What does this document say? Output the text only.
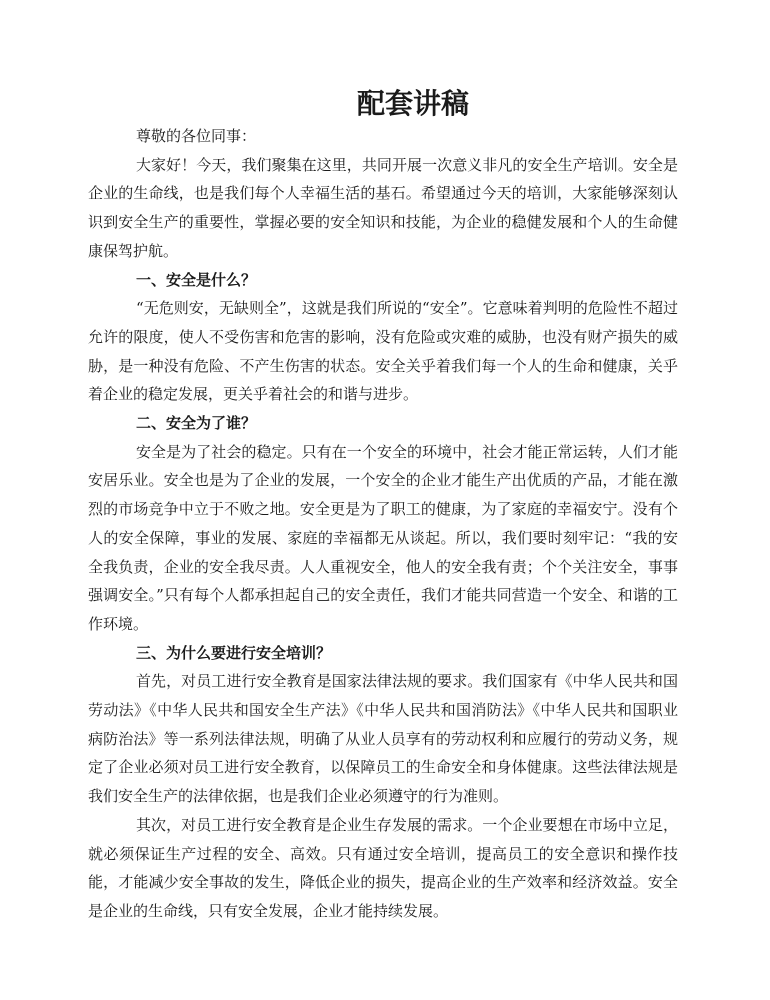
配套讲稿

尊敬的各位同事：

大家好！今天，我们聚集在这里，共同开展一次意义非凡的安全生产培训。安全是企业的生命线，也是我们每个人幸福生活的基石。希望通过今天的培训，大家能够深刻认识到安全生产的重要性，掌握必要的安全知识和技能，为企业的稳健发展和个人的生命健康保驾护航。

一、安全是什么？

“无危则安，无缺则全”，这就是我们所说的“安全”。它意味着判明的危险性不超过允许的限度，使人不受伤害和危害的影响，没有危险或灾难的威胁，也没有财产损失的威胁，是一种没有危险、不产生伤害的状态。安全关乎着我们每一个人的生命和健康，关乎着企业的稳定发展，更关乎着社会的和谐与进步。

二、安全为了谁？

安全是为了社会的稳定。只有在一个安全的环境中，社会才能正常运转，人们才能安居乐业。安全也是为了企业的发展，一个安全的企业才能生产出优质的产品，才能在激烈的市场竞争中立于不败之地。安全更是为了职工的健康，为了家庭的幸福安宁。没有个人的安全保障，事业的发展、家庭的幸福都无从谈起。所以，我们要时刻牢记：“我的安全我负责，企业的安全我尽责。人人重视安全，他人的安全我有责；个个关注安全，事事强调安全。”只有每个人都承担起自己的安全责任，我们才能共同营造一个安全、和谐的工作环境。

三、为什么要进行安全培训？

首先，对员工进行安全教育是国家法律法规的要求。我们国家有《中华人民共和国劳动法》《中华人民共和国安全生产法》《中华人民共和国消防法》《中华人民共和国职业病防治法》等一系列法律法规，明确了从业人员享有的劳动权利和应履行的劳动义务，规定了企业必须对员工进行安全教育，以保障员工的生命安全和身体健康。这些法律法规是我们安全生产的法律依据，也是我们企业必须遵守的行为准则。

其次，对员工进行安全教育是企业生存发展的需求。一个企业要想在市场中立足，就必须保证生产过程的安全、高效。只有通过安全培训，提高员工的安全意识和操作技能，才能减少安全事故的发生，降低企业的损失，提高企业的生产效率和经济效益。安全是企业的生命线，只有安全发展，企业才能持续发展。
